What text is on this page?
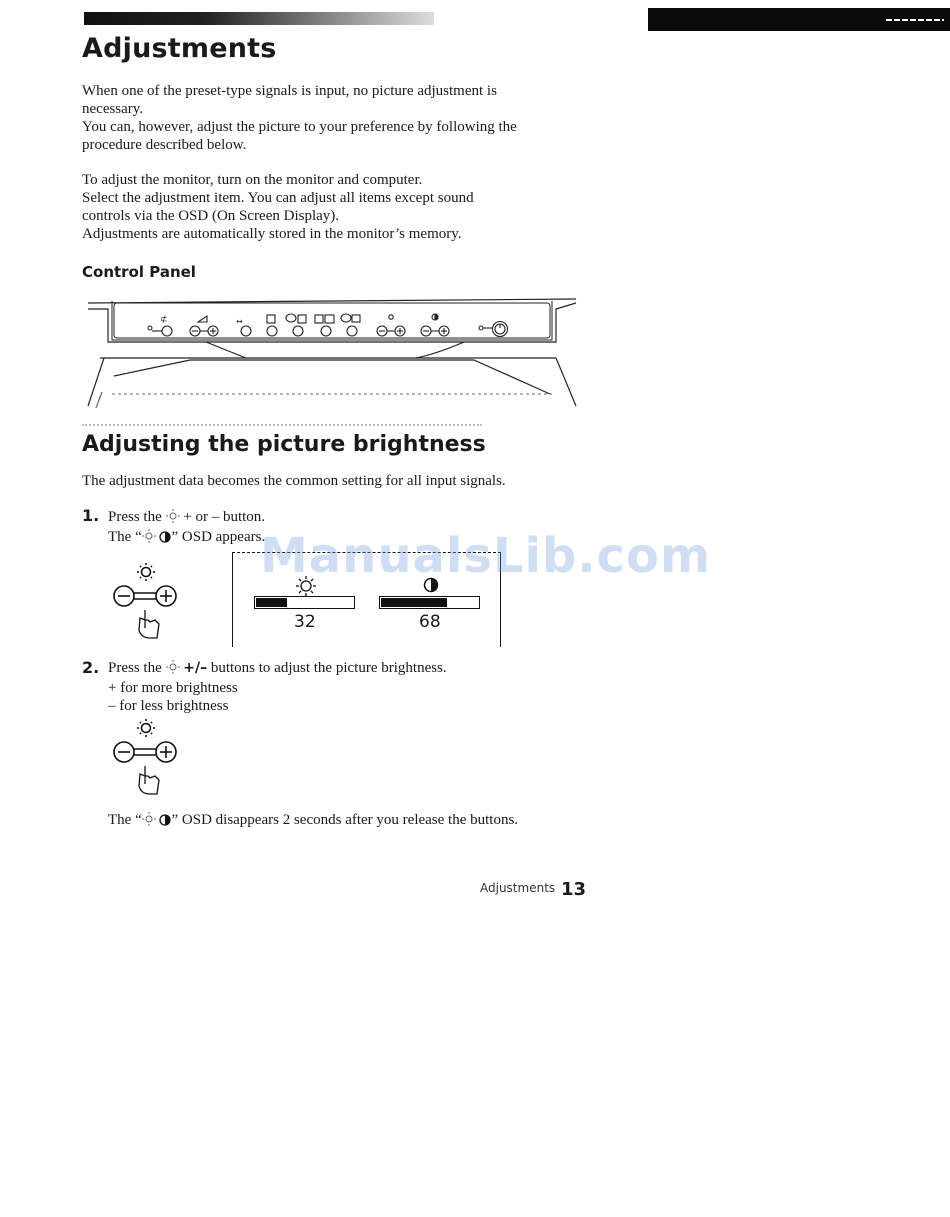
Adjustments

When one of the preset-type signals is input, no picture adjustment is

necessary.

You can, however, adjust the picture to your preference by following the

procedure described below.

To adjust the monitor, turn on the monitor and computer.

Select the adjustment item. You can adjust all items except sound

controls via the OSD (On Screen Display).

Adjustments are automatically stored in the monitor’s memory.

Control Panel
⊄	↔
Adjusting the picture brightness
The adjustment data becomes the common setting for all input signals.
1. Press the + or – button.
The “ ” OSD appears.
32	68
ManualsLib.com
2. Press the +/– buttons to adjust the picture brightness.
+ for more brightness
– for less brightness
The “ ” OSD disappears 2 seconds after you release the buttons.
Adjustments 13
